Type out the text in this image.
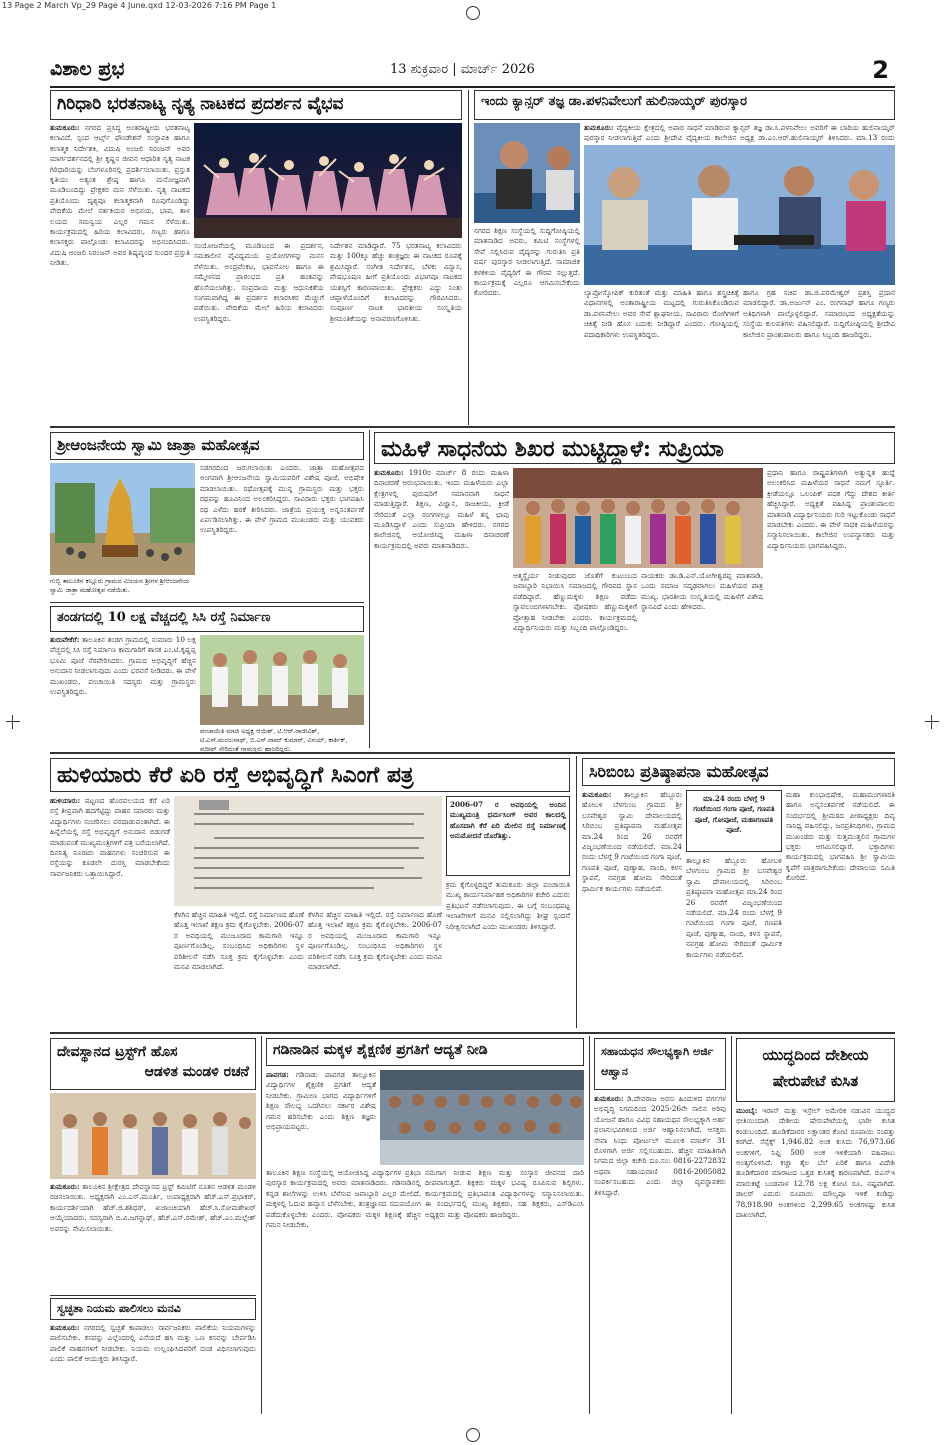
13 Page 2 March Vp_29 Page 4 June.qxd 12-03-2026 7:16 PM Page 1
ವಿಶಾಲ ಪ್ರಭ	13 ಶುಕ್ರವಾರ | ಮಾರ್ಚ್ 2026	2
ಗಿರಿಧಾರಿ ಭರತನಾಟ್ಯ ನೃತ್ಯ ನಾಟಕದ ಪ್ರದರ್ಶನ ವೈಭವ
ತುಮಕೂರು: ನಗರದ ಪ್ರಸಿದ್ಧ ಅಂತರಾಷ್ಟ್ರೀಯ ಭರತನಾಟ್ಯ ಕಲಾವಿದೆ, ಸ್ಪಂದ ಆರ್ಟ್ಸ್ ಫೌಂಡೇಶನ್ ಸಂಸ್ಥಾಪಕಿ ಹಾಗೂ ಕಲಾತ್ಮಕ ನಿರ್ದೇಶಕಿ, ವಿದುಷಿ ಅಂಜಲಿ ನಿರಂಜನ್ ಅವರ ಮಾರ್ಗದರ್ಶನದಲ್ಲಿ ಶ್ರೀ ಕೃಷ್ಣನ ಜೀವನ ಆಧಾರಿತ ನೃತ್ಯ ನಾಟಕ ಗಿರಿಧಾರಿಯನ್ನು ಬೆಂಗಳೂರಿನಲ್ಲಿ ಪ್ರದರ್ಶಿಸಲಾಯಿತು. ಪ್ರಸ್ತುತ ಕೃತಿಯು ಅತ್ಯಂತ ಶ್ರೇಷ್ಠ ಹಾಗೂ ಮನೋಜ್ಞವಾಗಿ ಮೂಡಿಬಂದಿದ್ದು ಪ್ರೇಕ್ಷಕರ ಮನ ಸೆಳೆಯಿತು. ನೃತ್ಯ ನಾಟಕದ ಪ್ರತಿಯೊಂದು ದೃಶ್ಯವೂ ಕಲಾತ್ಮಕವಾಗಿ ರೂಪುಗೊಂಡಿದ್ದು ವೇದಿಕೆಯ ಮೇಲೆ ನರ್ತಕಿಯರ ಅಭಿನಯ, ಭಾವ, ತಾಳ ಲಯದ ಸಮನ್ವಯ ಎಲ್ಲರ ಗಮನ ಸೆಳೆಯಿತು. ಕಾರ್ಯಕ್ರಮದಲ್ಲಿ ಹಿರಿಯ ಕಲಾವಿದರು, ಗಣ್ಯರು ಹಾಗೂ ಕಲಾಸಕ್ತರು ಪಾಲ್ಗೊಂಡು ಕಲಾವಿದರನ್ನು ಅಭಿನಂದಿಸಿದರು. ವಿದುಷಿ ಅಂಜಲಿ ನಿರಂಜನ್ ಅವರ ಶಿಷ್ಯವೃಂದ ಸುಂದರ ಪ್ರಸ್ತುತಿ ನೀಡಿತು.
ಸಂಯೋಜನೆಯಲ್ಲಿ ಮೂಡಿಬಂದ ಈ ಪ್ರದರ್ಶನ, ಸಮಕಾಲೀನ ವೈವಿಧ್ಯಮಯ ಪ್ರಯೋಗಗಳನ್ನು ಮನಸ ಸೆಳೆಯಿತು. ಅಂದ್ರವೆಂಕಟ, ಭಾವನೋಲ ಹಾಗೂ ಈ ಸಮ್ಮೇಳನದ ಪ್ರಾರಂಭದ ಪ್ರತಿ ಹಂತವನ್ನು ಹೊಸೆಯಲಾಗಿತ್ತು. ಸಂಪ್ರದಾಯ ಮತ್ತು ಆಧುನಿಕತೆಯ ಸಂಗಮವಾಗಿದ್ದ ಈ ಪ್ರದರ್ಶನ ಕಲಾರಸಿಕರ ಮೆಚ್ಚುಗೆ ಪಡೆಯಿತು. ವೇದಿಕೆಯ ಮೇಲೆ ಹಿರಿಯ ಕಲಾವಿದರು ಉಪಸ್ಥಿತರಿದ್ದರು.
ನಿರ್ದೇಶನ ಮಾಡಿದ್ದಾರೆ. 75 ಭರತನಾಟ್ಯ ಕಲಾವಿದರು ಮತ್ತು 100ಕ್ಕೂ ಹೆಚ್ಚು ತಂತ್ರಜ್ಞರು ಈ ನಾಟಕದ ರೂಪಕ್ಕೆ ಶ್ರಮಿಸಿದ್ದಾರೆ. ಸಂಗೀತ ನಿರ್ದೇಶನ, ಬೆಳಕು ವಿನ್ಯಾಸ, ವೇಷಭೂಷಣ ಹೀಗೆ ಪ್ರತಿಯೊಂದು ವಿಭಾಗವೂ ನಾಟಕದ ಯಶಸ್ಸಿಗೆ ಕಾರಣವಾಯಿತು. ಪ್ರೇಕ್ಷಕರು ಎದ್ದು ನಿಂತು ಚಪ್ಪಾಳೆಯೊಂದಿಗೆ ಕಲಾವಿದರನ್ನು ಗೌರವಿಸಿದರು. ಸಂಪೂರ್ಣ ನಾಟಕ ಭಾರತೀಯ ಸಂಸ್ಕೃತಿಯ ಶ್ರೀಮಂತಿಕೆಯನ್ನು ಅನಾವರಣಗೊಳಿಸಿತು.
ಇಂದು ಕ್ಯಾನ್ಸರ್ ತಜ್ಞ ಡಾ.ಪಳನಿವೇಲುಗೆ ಹುಲಿನಾಯ್ಕರ್ ಪುರಸ್ಕಾರ
ತುಮಕೂರು: ವೈದ್ಯಕೀಯ ಕ್ಷೇತ್ರದಲ್ಲಿ ಅಪಾರ ಸಾಧನೆ ಮಾಡಿರುವ ಕ್ಯಾನ್ಸರ್ ತಜ್ಞ ಡಾ.ಸಿ.ಪಳನಿವೇಲು ಅವರಿಗೆ ಈ ಬಾರಿಯ ಹುಲಿನಾಯ್ಕರ್ ಪುರಸ್ಕಾರ ನೀಡಲಾಗುತ್ತಿದೆ ಎಂದು ಶ್ರೀದೇವಿ ವೈದ್ಯಕೀಯ ಕಾಲೇಜಿನ ಅಧ್ಯಕ್ಷ ಡಾ.ಎಂ.ಆರ್.ಹುಲಿನಾಯ್ಕರ್ ತಿಳಿಸಿದರು. ಮಾ.13 ರಂದು
ನಗರದ ಶಿಕ್ಷಣ ಸಂಸ್ಥೆಯಲ್ಲಿ ಸುದ್ದಿಗೋಷ್ಠಿಯಲ್ಲಿ ಮಾತನಾಡಿದ ಅವರು, ಕಮಿಟಿ ಸಂಸ್ಥೆಗಳಲ್ಲಿ ಸೇವೆ ಸಲ್ಲಿಸಿರುವ ವೈದ್ಯರನ್ನು ಗುರುತಿಸಿ ಪ್ರತಿ ವರ್ಷ ಪುರಸ್ಕಾರ ನೀಡಲಾಗುತ್ತಿದೆ. ಸಾಮಾಜಿಕ ಕಳಕಳಿಯ ವೈದ್ಯರಿಗೆ ಈ ಗೌರವ ಸಲ್ಲುತ್ತದೆ. ಕಾರ್ಯಕ್ರಮಕ್ಕೆ ಎಲ್ಲರೂ ಆಗಮಿಸಬೇಕೆಂದು ಕೋರಿದರು.	ಲ್ಯಾಪ್ರೋಸ್ಕೋಪಿಕ್ ಕುರಿತಂತೆ ಮತ್ತು ಮಾಹಿತಿ ಹಾಗೂ ಶಸ್ತ್ರಚಿಕಿತ್ಸೆ ವಿಧಾನಗಳಲ್ಲಿ ಅಂತಾರಾಷ್ಟ್ರೀಯ ಮಟ್ಟದಲ್ಲಿ ಗುರುತಿಸಿಕೊಂಡಿರುವ ಡಾ.ಪಳನಿವೇಲು ಅವರ ಸೇವೆ ಶ್ಲಾಘನೀಯ. ಸಾವಿರಾರು ರೋಗಿಗಳಿಗೆ ಚಿಕಿತ್ಸೆ ನೀಡಿ ಹೊಸ ಬದುಕು ನೀಡಿದ್ದಾರೆ ಎಂದರು. ಗೋಷ್ಠಿಯಲ್ಲಿ ಪದಾಧಿಕಾರಿಗಳು ಉಪಸ್ಥಿತರಿದ್ದರು.
ಹಾಗೂ ಗ್ರಹ ಸಚಿವ ಡಾ.ಜಿ.ಪರಮೇಶ್ವರ್ ಪ್ರಶಸ್ತಿ ಪ್ರದಾನ ಮಾಡಲಿದ್ದಾರೆ. ಡಾ.ಅರ್ಜುನ್ ಎಂ. ರಂಗನಾಥ್ ಹಾಗೂ ಗಣ್ಯರು ಅತಿಥಿಗಳಾಗಿ ಪಾಲ್ಗೊಳ್ಳಲಿದ್ದಾರೆ. ಸಮಾರಂಭದ ಅಧ್ಯಕ್ಷತೆಯನ್ನು ಸಂಸ್ಥೆಯ ಕುಲಪತಿಗಳು ವಹಿಸಲಿದ್ದಾರೆ. ಸುದ್ದಿಗೋಷ್ಠಿಯಲ್ಲಿ ಶ್ರೀದೇವಿ ಕಾಲೇಜಿನ ಪ್ರಾಂಶುಪಾಲರು ಹಾಗೂ ಸಿಬ್ಬಂದಿ ಹಾಜರಿದ್ದರು.
ಶ್ರೀಆಂಜನೇಯ ಸ್ವಾಮಿ ಜಾತ್ರಾ ಮಹೋತ್ಸವ
ಗುಬ್ಬಿ ತಾಲೂಕಿನ ಕಲ್ಲೂರು ಗ್ರಾಮದ ವಿಜಯನ ಶ್ರೀಗಳ ಶ್ರೀಆಂಜನೇಯ ಸ್ವಾಮಿ ಜಾತ್ರಾ ಮಹೋತ್ಸವ ನಡೆಯಿತು.
ಸಡಗರದಿಂದ ಜರುಗಲಾಯಿತು ಎಂದರು. ಜಾತ್ರಾ ಮಹೋತ್ಸವದ ಅಂಗವಾಗಿ ಶ್ರೀಆಂಜನೇಯ ಸ್ವಾಮಿಯವರಿಗೆ ವಿಶೇಷ ಪೂಜೆ, ಅಭಿಷೇಕ ಮಾಡಲಾಯಿತು. ರಥೋತ್ಸವಕ್ಕೆ ಮುನ್ನ ಗ್ರಾಮಸ್ಥರು ಮತ್ತು ಭಕ್ತರು ರಥವನ್ನು ಹೂವಿನಿಂದ ಅಲಂಕರಿಸಿದ್ದರು. ಸಾವಿರಾರು ಭಕ್ತರು ಭಾಗವಹಿಸಿ ರಥ ಎಳೆದು ಹರಕೆ ತೀರಿಸಿದರು. ಜಾತ್ರೆಯ ಪ್ರಯುಕ್ತ ಅನ್ನಸಂತರ್ಪಣೆ ಏರ್ಪಡಿಸಲಾಗಿತ್ತು. ಈ ವೇಳೆ ಗ್ರಾಮದ ಮುಖಂಡರು ಮತ್ತು ಯುವಕರು ಉಪಸ್ಥಿತರಿದ್ದರು.
ತಂಡಗದಲ್ಲಿ 10 ಲಕ್ಷ ವೆಚ್ಚದಲ್ಲಿ ಸಿಸಿ ರಸ್ತೆ ನಿರ್ಮಾಣ
ತುರುವೇಕೆರೆ: ತಾಲೂಕಿನ ತಂಡಗ ಗ್ರಾಮದಲ್ಲಿ ಸುಮಾರು 10 ಲಕ್ಷ ವೆಚ್ಚದಲ್ಲಿ ಸಿಸಿ ರಸ್ತೆ ನಿರ್ಮಾಣ ಕಾಮಗಾರಿಗೆ ಶಾಸಕ ಎಂ.ಟಿ.ಕೃಷ್ಣಪ್ಪ ಭೂಮಿ ಪೂಜೆ ನೆರವೇರಿಸಿದರು. ಗ್ರಾಮದ ಅಭಿವೃದ್ಧಿಗೆ ಹೆಚ್ಚಿನ ಅನುದಾನ ನೀಡಲಾಗುವುದು ಎಂದು ಭರವಸೆ ನೀಡಿದರು. ಈ ವೇಳೆ ಮುಖಂಡರು, ಪಂಚಾಯಿತಿ ಸದಸ್ಯರು ಮತ್ತು ಗ್ರಾಮಸ್ಥರು ಉಪಸ್ಥಿತರಿದ್ದರು.
ಪಂಚಾಯಿತಿ ಮಾಜಿ ಅಧ್ಯಕ್ಷ ಆಯಿಶ್, ಟಿ.ಆರ್.ರಾಜೀವಿಶ್, ಟಿ.ಎಸ್.ಮಂಜುನಾಥ್, ಬಿ.ಎಸ್.ರಾಮ್ ಕುಮಾರ್, ವಿನಯ್, ಕಾರ್ತಿಕ್, ಪ್ರದೀಪ್ ಸೇರಿದಂತೆ ಗ್ರಾಮಸ್ಥರು ಹಾಜರಿದ್ದರು.
ಮಹಿಳೆ ಸಾಧನೆಯ ಶಿಖರ ಮುಟ್ಟಿದ್ದಾಳೆ: ಸುಪ್ರಿಯಾ
ತುಮಕೂರು: 1910ರ ಮಾರ್ಚ್ 8 ರಂದು ಮಹಿಳಾ ದಿನಾಚರಣೆ ಆರಂಭವಾಯಿತು. ಇಂದು ಮಹಿಳೆಯರು ಎಲ್ಲಾ ಕ್ಷೇತ್ರಗಳಲ್ಲಿ ಪುರುಷರಿಗೆ ಸಮಾನವಾಗಿ ಸಾಧನೆ ಮಾಡುತ್ತಿದ್ದಾರೆ. ಶಿಕ್ಷಣ, ವಿಜ್ಞಾನ, ರಾಜಕೀಯ, ಕ್ರೀಡೆ ಸೇರಿದಂತೆ ಎಲ್ಲಾ ರಂಗಗಳಲ್ಲೂ ಮಹಿಳೆ ತನ್ನ ಛಾಪು ಮೂಡಿಸಿದ್ದಾಳೆ ಎಂದು ಸುಪ್ರಿಯಾ ಹೇಳಿದರು. ನಗರದ ಕಾಲೇಜಿನಲ್ಲಿ ಆಯೋಜಿಸಿದ್ದ ಮಹಿಳಾ ದಿನಾಚರಣೆ ಕಾರ್ಯಕ್ರಮದಲ್ಲಿ ಅವರು ಮಾತನಾಡಿದರು.
ಆತ್ಮಸ್ಥೈರ್ಯ ನೀಡುವುದರ ಜೊತೆಗೆ ಕುಟುಂಬದ ಜವಾಬ್ದಾರಿ ನಿಭಾಯಿಸಿ ಸಮಾಜದಲ್ಲಿ ಗೌರವದ ಸ್ಥಾನ ಪಡೆದಿದ್ದಾರೆ. ಹೆಣ್ಣುಮಕ್ಕಳು ಶಿಕ್ಷಣ ಪಡೆದು ಸ್ವಾವಲಂಬಿಗಳಾಗಬೇಕು. ಪೋಷಕರು ಹೆಣ್ಣುಮಕ್ಕಳಿಗೆ ಪ್ರೋತ್ಸಾಹ ನೀಡಬೇಕು ಎಂದರು. ಕಾರ್ಯಕ್ರಮದಲ್ಲಿ ವಿದ್ಯಾರ್ಥಿನಿಯರು ಮತ್ತು ಸಿಬ್ಬಂದಿ ಪಾಲ್ಗೊಂಡಿದ್ದರು.
ನಾಯಕರು ಡಾ.ಡಿ.ಎನ್.ಯೋಗೀಶ್ವರಪ್ಪ ಮಾತನಾಡಿ, ಒಂದು ಸಮಾಜ ಸದೃಢವಾಗಲು ಮಹಿಳೆಯರ ಪಾತ್ರ ಮುಖ್ಯ. ಭಾರತೀಯ ಸಂಸ್ಕೃತಿಯಲ್ಲಿ ಮಹಿಳೆಗೆ ವಿಶೇಷ ಸ್ಥಾನವಿದೆ ಎಂದು ಹೇಳಿದರು.
ಪ್ರಧಾನಿ ಹಾಗೂ ರಾಷ್ಟ್ರಪತಿಗಳಾಗಿ ಅತ್ಯುನ್ನತ ಹುದ್ದೆ ಅಲಂಕರಿಸಿದ ಮಹಿಳೆಯರ ಸಾಧನೆ ನಮಗೆ ಸ್ಫೂರ್ತಿ. ಕ್ರೀಡೆಯಲ್ಲೂ ಒಲಂಪಿಕ್ ಪದಕ ಗೆದ್ದು ದೇಶದ ಕೀರ್ತಿ ಹೆಚ್ಚಿಸಿದ್ದಾರೆ. ಅಧ್ಯಕ್ಷತೆ ವಹಿಸಿದ್ದ ಪ್ರಾಂಶುಪಾಲರು ಮಾತನಾಡಿ ವಿದ್ಯಾರ್ಥಿನಿಯರು ಗುರಿ ಇಟ್ಟುಕೊಂಡು ಸಾಧನೆ ಮಾಡಬೇಕು ಎಂದರು. ಈ ವೇಳೆ ಸಾಧಕ ಮಹಿಳೆಯರನ್ನು ಸನ್ಮಾನಿಸಲಾಯಿತು. ಕಾಲೇಜಿನ ಉಪನ್ಯಾಸಕರು ಮತ್ತು ವಿದ್ಯಾರ್ಥಿನಿಯರು ಭಾಗವಹಿಸಿದ್ದರು.
ಹುಳಿಯಾರು ಕೆರೆ ಏರಿ ರಸ್ತೆ ಅಭಿವೃದ್ಧಿಗೆ ಸಿಎಂಗೆ ಪತ್ರ
ಹುಳಿಯಾರು: ಪಟ್ಟಣದ ಹೊರವಲಯದ ಕೆರೆ ಏರಿ ರಸ್ತೆ ತೀವ್ರವಾಗಿ ಹದಗೆಟ್ಟಿದ್ದು ವಾಹನ ಸವಾರರು ಮತ್ತು ವಿದ್ಯಾರ್ಥಿಗಳು ಸಂಚರಿಸಲು ಪರದಾಡುವಂತಾಗಿದೆ. ಈ ಹಿನ್ನೆಲೆಯಲ್ಲಿ ರಸ್ತೆ ಅಭಿವೃದ್ಧಿಗೆ ಅನುದಾನ ಬಿಡುಗಡೆ ಮಾಡುವಂತೆ ಮುಖ್ಯಮಂತ್ರಿಗಳಿಗೆ ಪತ್ರ ಬರೆಯಲಾಗಿದೆ. ದಿನನಿತ್ಯ ನೂರಾರು ವಾಹನಗಳು ಸಂಚರಿಸುವ ಈ ರಸ್ತೆಯನ್ನು ಕೂಡಲೇ ದುರಸ್ತಿ ಮಾಡಬೇಕೆಂದು ಸಾರ್ವಜನಿಕರು ಒತ್ತಾಯಿಸಿದ್ದಾರೆ.
2006-07 ರ ಅವಧಿಯಲ್ಲಿ ಅಂದಿನ ಮುಖ್ಯಮಂತ್ರಿ ಧರ್ಮಸಿಂಗ್ ಅವರ ಕಾಲದಲ್ಲಿ ಹೊಸದಾಗಿ ಕೆರೆ ಏರಿ ಮೇಲಿನ ರಸ್ತೆ ನಿರ್ಮಾಣಕ್ಕೆ ಅನುಮೋದನೆ ದೊರೆತಿತ್ತು.
ಕೆಳಗಿನ ಹೆಚ್ಚಿನ ಮಾಹಿತಿ ಇಲ್ಲಿದೆ. ರಸ್ತೆ ನಿರ್ಮಾಣದ ಹೊಣೆ ಹೊತ್ತ ಇಲಾಖೆ ತಕ್ಷಣ ಕ್ರಮ ಕೈಗೊಳ್ಳಬೇಕು. 2006-07 ರ ಅವಧಿಯಲ್ಲಿ ಮಂಜೂರಾದ ಕಾಮಗಾರಿ ಇನ್ನೂ ಪೂರ್ಣಗೊಂಡಿಲ್ಲ. ಸಂಬಂಧಿಸಿದ ಅಧಿಕಾರಿಗಳು ಸ್ಥಳ ಪರಿಶೀಲನೆ ನಡೆಸಿ ಸೂಕ್ತ ಕ್ರಮ ಕೈಗೊಳ್ಳಬೇಕು ಎಂದು ಮನವಿ ಮಾಡಲಾಗಿದೆ.
ಕೆಳಗಿನ ಹೆಚ್ಚಿನ ಮಾಹಿತಿ ಇಲ್ಲಿದೆ. ರಸ್ತೆ ನಿರ್ಮಾಣದ ಹೊಣೆ ಹೊತ್ತ ಇಲಾಖೆ ತಕ್ಷಣ ಕ್ರಮ ಕೈಗೊಳ್ಳಬೇಕು. 2006-07 ರ ಅವಧಿಯಲ್ಲಿ ಮಂಜೂರಾದ ಕಾಮಗಾರಿ ಇನ್ನೂ ಪೂರ್ಣಗೊಂಡಿಲ್ಲ. ಸಂಬಂಧಿಸಿದ ಅಧಿಕಾರಿಗಳು ಸ್ಥಳ ಪರಿಶೀಲನೆ ನಡೆಸಿ ಸೂಕ್ತ ಕ್ರಮ ಕೈಗೊಳ್ಳಬೇಕು ಎಂದು ಮನವಿ ಮಾಡಲಾಗಿದೆ.
ಕ್ರಮ ಕೈಗೊಳ್ಳದಿದ್ದರೆ ತುಮಕೂರು ಜಿಲ್ಲಾ ಪಂಚಾಯಿತಿ ಮುಖ್ಯ ಕಾರ್ಯನಿರ್ವಾಹಕ ಅಧಿಕಾರಿಗಳ ಕಚೇರಿ ಎದುರು ಪ್ರತಿಭಟನೆ ನಡೆಸಲಾಗುವುದು. ಈ ಬಗ್ಗೆ ಸಂಬಂಧಪಟ್ಟ ಇಲಾಖೆಗಳಿಗೆ ಮನವಿ ಸಲ್ಲಿಸಲಾಗಿದ್ದು ಶೀಘ್ರ ಸ್ಪಂದನೆ ನಿರೀಕ್ಷಿಸಲಾಗಿದೆ ಎಂದು ಮುಖಂಡರು ತಿಳಿಸಿದ್ದಾರೆ.
ಸಿರಿಬಿಂಬ ಪ್ರತಿಷ್ಠಾಪನಾ ಮಹೋತ್ಸವ
ತುಮಕೂರು: ತಾಲ್ಲೂಕಿನ ಹೆಬ್ಬೂರು ಹೋಬಳಿ ಬೆಳಗುಂಬ ಗ್ರಾಮದ ಶ್ರೀ ಬಸವೇಶ್ವರ ಸ್ವಾಮಿ ದೇವಾಲಯದಲ್ಲಿ ಸಿರಿಬಿಂಬ ಪ್ರತಿಷ್ಠಾಪನಾ ಮಹೋತ್ಸವ ಮಾ.24 ರಿಂದ 26 ರವರೆಗೆ ವಿಜೃಂಭಣೆಯಿಂದ ನಡೆಯಲಿದೆ. ಮಾ.24 ರಂದು ಬೆಳಗ್ಗೆ 9 ಗಂಟೆಯಿಂದ ಗಂಗಾ ಪೂಜೆ, ಗಣಪತಿ ಪೂಜೆ, ಪುಣ್ಯಾಹ, ನಾಂದಿ, ಕಳಸ ಸ್ಥಾಪನೆ, ನವಗ್ರಹ ಹೋಮ ಸೇರಿದಂತೆ ಧಾರ್ಮಿಕ ಕಾರ್ಯಗಳು ನಡೆಯಲಿವೆ.
ಮಾ.24 ರಂದು ಬೆಳಗ್ಗೆ 9 ಗಂಟೆಯಿಂದ ಗಂಗಾ ಪೂಜೆ, ಗಣಪತಿ ಪೂಜೆ, ಗೋಪೂಜೆ, ಮಹಾಗಣಪತಿ ಪೂಜೆ.
ತಾಲ್ಲೂಕಿನ ಹೆಬ್ಬೂರು ಹೋಬಳಿ ಬೆಳಗುಂಬ ಗ್ರಾಮದ ಶ್ರೀ ಬಸವೇಶ್ವರ ಸ್ವಾಮಿ ದೇವಾಲಯದಲ್ಲಿ ಸಿರಿಬಿಂಬ ಪ್ರತಿಷ್ಠಾಪನಾ ಮಹೋತ್ಸವ ಮಾ.24 ರಿಂದ 26 ರವರೆಗೆ ವಿಜೃಂಭಣೆಯಿಂದ ನಡೆಯಲಿದೆ. ಮಾ.24 ರಂದು ಬೆಳಗ್ಗೆ 9 ಗಂಟೆಯಿಂದ ಗಂಗಾ ಪೂಜೆ, ಗಣಪತಿ ಪೂಜೆ, ಪುಣ್ಯಾಹ, ನಾಂದಿ, ಕಳಸ ಸ್ಥಾಪನೆ, ನವಗ್ರಹ ಹೋಮ ಸೇರಿದಂತೆ ಧಾರ್ಮಿಕ ಕಾರ್ಯಗಳು ನಡೆಯಲಿವೆ.
ಮಹಾ ಕುಂಭಾಭಿಷೇಕ, ಮಹಾಮಂಗಳಾರತಿ ಹಾಗೂ ಅನ್ನಸಂತರ್ಪಣೆ ನಡೆಯಲಿದೆ. ಈ ಸಂದರ್ಭದಲ್ಲಿ ಶ್ರೀಮಠದ ಪೀಠಾಧ್ಯಕ್ಷರು ದಿವ್ಯ ಸಾನಿಧ್ಯ ವಹಿಸಲಿದ್ದು, ಜನಪ್ರತಿನಿಧಿಗಳು, ಗ್ರಾಮದ ಮುಖಂಡರು ಮತ್ತು ಸುತ್ತಮುತ್ತಲಿನ ಗ್ರಾಮಗಳ ಭಕ್ತರು ಆಗಮಿಸಲಿದ್ದಾರೆ. ಭಕ್ತಾದಿಗಳು ಕಾರ್ಯಕ್ರಮದಲ್ಲಿ ಭಾಗವಹಿಸಿ ಶ್ರೀ ಸ್ವಾಮಿಯ ಕೃಪೆಗೆ ಪಾತ್ರರಾಗಬೇಕೆಂದು ದೇವಾಲಯ ಸಮಿತಿ ಕೋರಿದೆ.
ದೇವಸ್ಥಾನದ ಟ್ರಸ್ಟ್‌ಗೆ ಹೊಸ
ಆಡಳಿತ ಮಂಡಳಿ ರಚನೆ
ತುಮಕೂರು: ತಾಲೂಕಿನ ಶ್ರೀಕ್ಷೇತ್ರದ ದೇವಸ್ಥಾನದ ಟ್ರಸ್ಟ್ ಕಮಿಟಿಗೆ ನೂತನ ಆಡಳಿತ ಮಂಡಳಿ ರಚಿಸಲಾಯಿತು. ಅಧ್ಯಕ್ಷರಾಗಿ ಎಂ.ಎಸ್.ಮೂರ್ತಿ, ಉಪಾಧ್ಯಕ್ಷರಾಗಿ ಹೆಚ್.ಎಸ್.ಪ್ರಭಾಕರ್, ಕಾರ್ಯದರ್ಶಿಯಾಗಿ ಹೆಚ್.ಜಿ.ಶಶಿಧರ್, ಖಜಾಂಚಿಯಾಗಿ ಹೆಚ್.ಸಿ.ಸೋಮಶೇಖರ್ ಆಯ್ಕೆಯಾದರು. ಸದಸ್ಯರಾಗಿ ಬಿ.ವಿ.ಜಗನ್ನಾಥ್, ಹೆಚ್.ಎಸ್.ರಮೇಶ್, ಹೆಚ್.ಎಂ.ಮಲ್ಲೇಶ್ ಅವರನ್ನು ನೇಮಿಸಲಾಯಿತು.
ಸ್ವಚ್ಛತಾ ನಿಯಮ ಪಾಲಿಸಲು ಮನವಿ
ತುಮಕೂರು: ನಗರದಲ್ಲಿ ಸ್ವಚ್ಛತೆ ಕಾಪಾಡಲು ಸಾರ್ವಜನಿಕರು ಪಾಲಿಕೆಯ ನಿಯಮಗಳನ್ನು ಪಾಲಿಸಬೇಕು. ಕಸವನ್ನು ಎಲ್ಲೆಂದರಲ್ಲಿ ಎಸೆಯದೆ ಹಸಿ ಮತ್ತು ಒಣ ಕಸವನ್ನು ಬೇರ್ಪಡಿಸಿ ಪಾಲಿಕೆ ವಾಹನಗಳಿಗೆ ನೀಡಬೇಕು. ನಿಯಮ ಉಲ್ಲಂಘಿಸಿದವರಿಗೆ ದಂಡ ವಿಧಿಸಲಾಗುವುದು ಎಂದು ಪಾಲಿಕೆ ಆಯುಕ್ತರು ತಿಳಿಸಿದ್ದಾರೆ.
ಗಡಿನಾಡಿನ ಮಕ್ಕಳ ಶೈಕ್ಷಣಿಕ ಪ್ರಗತಿಗೆ ಆದ್ಯತೆ ನೀಡಿ
ಪಾವಗಡ: ಗಡಿನಾಡು ಪಾವಗಡ ತಾಲ್ಲೂಕಿನ ವಿದ್ಯಾರ್ಥಿಗಳ ಶೈಕ್ಷಣಿಕ ಪ್ರಗತಿಗೆ ಆದ್ಯತೆ ನೀಡಬೇಕು. ಗ್ರಾಮೀಣ ಭಾಗದ ವಿದ್ಯಾರ್ಥಿಗಳಿಗೆ ಶಿಕ್ಷಣ ಸೌಲಭ್ಯ ಒದಗಿಸಲು ಸರ್ಕಾರ ವಿಶೇಷ ಗಮನ ಹರಿಸಬೇಕು ಎಂದು ಶಿಕ್ಷಣ ತಜ್ಞರು ಅಭಿಪ್ರಾಯಪಟ್ಟರು.
ತಾಲೂಕಿನ ಶಿಕ್ಷಣ ಸಂಸ್ಥೆಯಲ್ಲಿ ಆಯೋಜಿಸಿದ್ದ ವಿದ್ಯಾರ್ಥಿಗಳ ಪ್ರತಿಭಾ ಪುರಸ್ಕಾರ ಕಾರ್ಯಕ್ರಮದಲ್ಲಿ ಅವರು ಮಾತನಾಡಿದರು. ಗಡಿನಾಡಿನಲ್ಲಿ ಕನ್ನಡ ಶಾಲೆಗಳನ್ನು ಉಳಿಸಿ ಬೆಳೆಸುವ ಜವಾಬ್ದಾರಿ ಎಲ್ಲರ ಮೇಲಿದೆ. ಮಕ್ಕಳಲ್ಲಿ ಓದುವ ಹವ್ಯಾಸ ಬೆಳೆಸಬೇಕು, ತಂತ್ರಜ್ಞಾನದ ಸದುಪಯೋಗ ಪಡೆದುಕೊಳ್ಳಬೇಕು ಎಂದರು. ಪೋಷಕರು ಮಕ್ಕಳ ಶಿಕ್ಷಣಕ್ಕೆ ಹೆಚ್ಚಿನ ಗಮನ ನೀಡಬೇಕು.
ನಮಗಾಗ ನೀಡುವ ಶಿಕ್ಷಣ ಮತ್ತು ಸಂಸ್ಕಾರ ಜೀವನದ ದಾರಿ ದೀಪವಾಗುತ್ತದೆ. ಶಿಕ್ಷಕರು ಮಕ್ಕಳ ಭವಿಷ್ಯ ರೂಪಿಸುವ ಶಿಲ್ಪಿಗಳು. ಕಾರ್ಯಕ್ರಮದಲ್ಲಿ ಪ್ರತಿಭಾವಂತ ವಿದ್ಯಾರ್ಥಿಗಳನ್ನು ಸನ್ಮಾನಿಸಲಾಯಿತು. ಈ ಸಂದರ್ಭದಲ್ಲಿ ಮುಖ್ಯ ಶಿಕ್ಷಕರು, ಸಹ ಶಿಕ್ಷಕರು, ಎಸ್‌ಡಿಎಂಸಿ ಅಧ್ಯಕ್ಷರು ಮತ್ತು ಪೋಷಕರು ಹಾಜರಿದ್ದರು.
ಸಹಾಯಧನ ಸೌಲಭ್ಯಕ್ಕಾಗಿ ಅರ್ಜಿ ಆಹ್ವಾನ
ತುಮಕೂರು: ಡಿ.ದೇವರಾಜ ಅರಸು ಹಿಂದುಳಿದ ವರ್ಗಗಳ ಅಭಿವೃದ್ಧಿ ನಿಗಮದಿಂದ 2025-26ನೇ ಸಾಲಿನ ಅರಿವು ಯೋಜನೆ ಹಾಗೂ ವಿವಿಧ ಸಹಾಯಧನ ಸೌಲಭ್ಯಕ್ಕಾಗಿ ಅರ್ಹ ಫಲಾನುಭವಿಗಳಿಂದ ಅರ್ಜಿ ಆಹ್ವಾನಿಸಲಾಗಿದೆ. ಆಸಕ್ತರು ಸೇವಾ ಸಿಂಧು ಪೋರ್ಟಲ್ ಮೂಲಕ ಮಾರ್ಚ್ 31 ರೊಳಗಾಗಿ ಅರ್ಜಿ ಸಲ್ಲಿಸಬಹುದು. ಹೆಚ್ಚಿನ ಮಾಹಿತಿಗಾಗಿ ನಿಗಮದ ಜಿಲ್ಲಾ ಕಚೇರಿ ದೂ.ಸಂ: 0816-2272832 ಅಥವಾ ಸಹಾಯವಾಣಿ 0816-2005082 ಸಂಪರ್ಕಿಸಬಹುದು ಎಂದು ಜಿಲ್ಲಾ ವ್ಯವಸ್ಥಾಪಕರು ತಿಳಿಸಿದ್ದಾರೆ.
ಯುದ್ಧದಿಂದ ದೇಶೀಯ
ಷೇರುಪೇಟೆ ಕುಸಿತ
ಮುಂಬೈ: ಇರಾನ್ ಮತ್ತು ಇಸ್ರೇಲ್ ಅಮೇರಿಕ ನಡುವಿನ ಯುದ್ಧದ ಭೀತಿಯಿಂದಾಗಿ ದೇಶೀಯ ಷೇರುಪೇಟೆಯಲ್ಲಿ ಭಾರೀ ಕುಸಿತ ಕಂಡುಬಂದಿದೆ. ಹೂಡಿಕೆದಾರರ ಲಕ್ಷಾಂತರ ಕೋಟಿ ರೂಪಾಯಿ ಸಂಪತ್ತು ಕರಗಿದೆ. ಸೆನ್ಸೆಕ್ಸ್ 1,946.82 ಅಂಕ ಕುಸಿದು 76,973.66 ಅಂಕಗಳಿಗೆ, ನಿಫ್ಟಿ 500 ಅಂಕ ಇಳಿಕೆಯಾಗಿ ವಹಿವಾಟು ಅಂತ್ಯಗೊಳಿಸಿದೆ. ಕಚ್ಚಾ ತೈಲ ಬೆಲೆ ಏರಿಕೆ ಹಾಗೂ ವಿದೇಶಿ ಹೂಡಿಕೆದಾರರ ಮಾರಾಟದ ಒತ್ತಡ ಕುಸಿತಕ್ಕೆ ಕಾರಣವಾಗಿದೆ. ಬಿಎಸ್‌ಇ ಮಾರುಕಟ್ಟೆ ಬಂಡವಾಳ 12.78 ಲಕ್ಷ ಕೋಟಿ ರೂ. ನಷ್ಟವಾಗಿದೆ. ಡಾಲರ್ ಎದುರು ರೂಪಾಯಿ ಮೌಲ್ಯವೂ ಇಳಿಕೆ ಕಂಡಿದ್ದು 78,918.90 ಅಂಕಗಳಿಂದ 2,299.65 ಅಂಕಗಳಷ್ಟು ಕುಸಿತ ದಾಖಲಾಗಿದೆ.
